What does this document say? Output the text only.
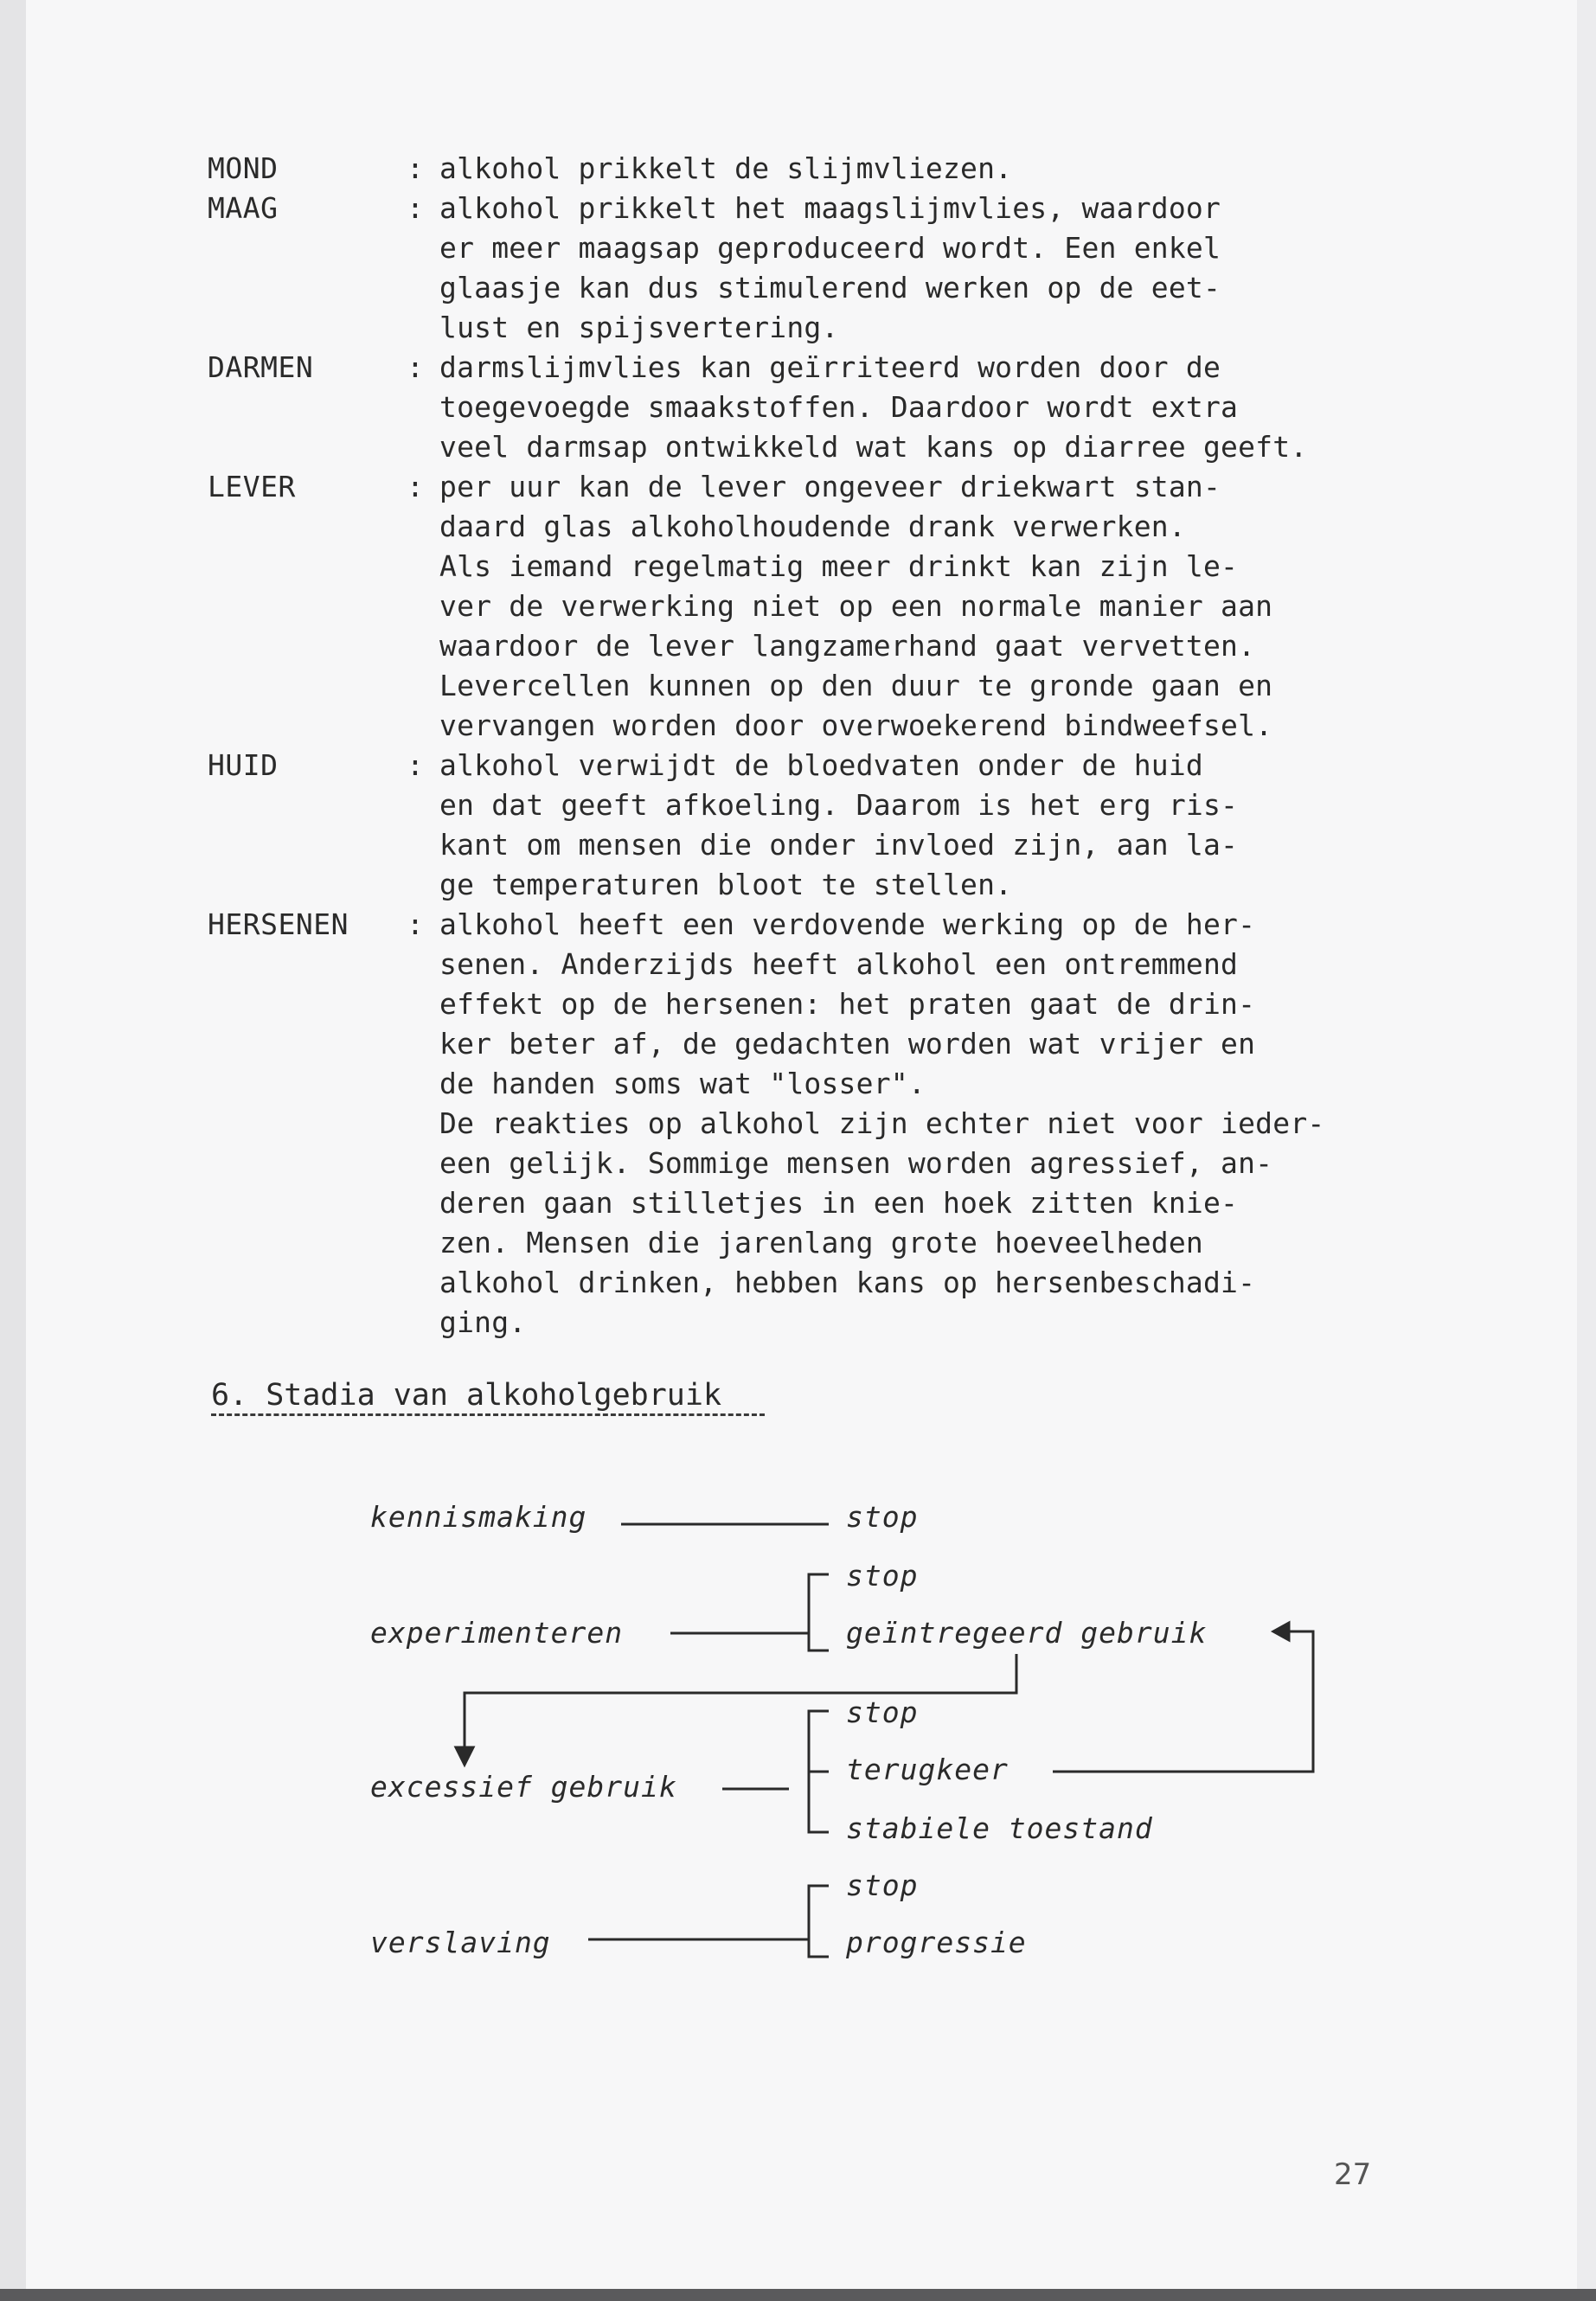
MOND	: alkohol prikkelt de slijmvliezen.
MAAG	: alkohol prikkelt het maagslijmvlies, waardoor
er meer maagsap geproduceerd wordt. Een enkel
glaasje kan dus stimulerend werken op de eet-
lust en spijsvertering.
DARMEN	: darmslijmvlies kan geïrriteerd worden door de
toegevoegde smaakstoffen. Daardoor wordt extra
veel darmsap ontwikkeld wat kans op diarree geeft.
LEVER	: per uur kan de lever ongeveer driekwart stan-
daard glas alkoholhoudende drank verwerken.
Als iemand regelmatig meer drinkt kan zijn le-
ver de verwerking niet op een normale manier aan
waardoor de lever langzamerhand gaat vervetten.
Levercellen kunnen op den duur te gronde gaan en
vervangen worden door overwoekerend bindweefsel.
HUID	: alkohol verwijdt de bloedvaten onder de huid
en dat geeft afkoeling. Daarom is het erg ris-
kant om mensen die onder invloed zijn, aan la-
ge temperaturen bloot te stellen.
HERSENEN	: alkohol heeft een verdovende werking op de her-
senen. Anderzijds heeft alkohol een ontremmend
effekt op de hersenen: het praten gaat de drin-
ker beter af, de gedachten worden wat vrijer en
de handen soms wat "losser".
De reakties op alkohol zijn echter niet voor ieder-
een gelijk. Sommige mensen worden agressief, an-
deren gaan stilletjes in een hoek zitten knie-
zen. Mensen die jarenlang grote hoeveelheden
alkohol drinken, hebben kans op hersenbeschadi-
ging.
6. Stadia van alkoholgebruik
kennismaking	stop
stop
experimenteren	geïntregeerd gebruik
stop
terugkeer
excessief gebruik
stabiele toestand
stop
verslaving	progressie
27
